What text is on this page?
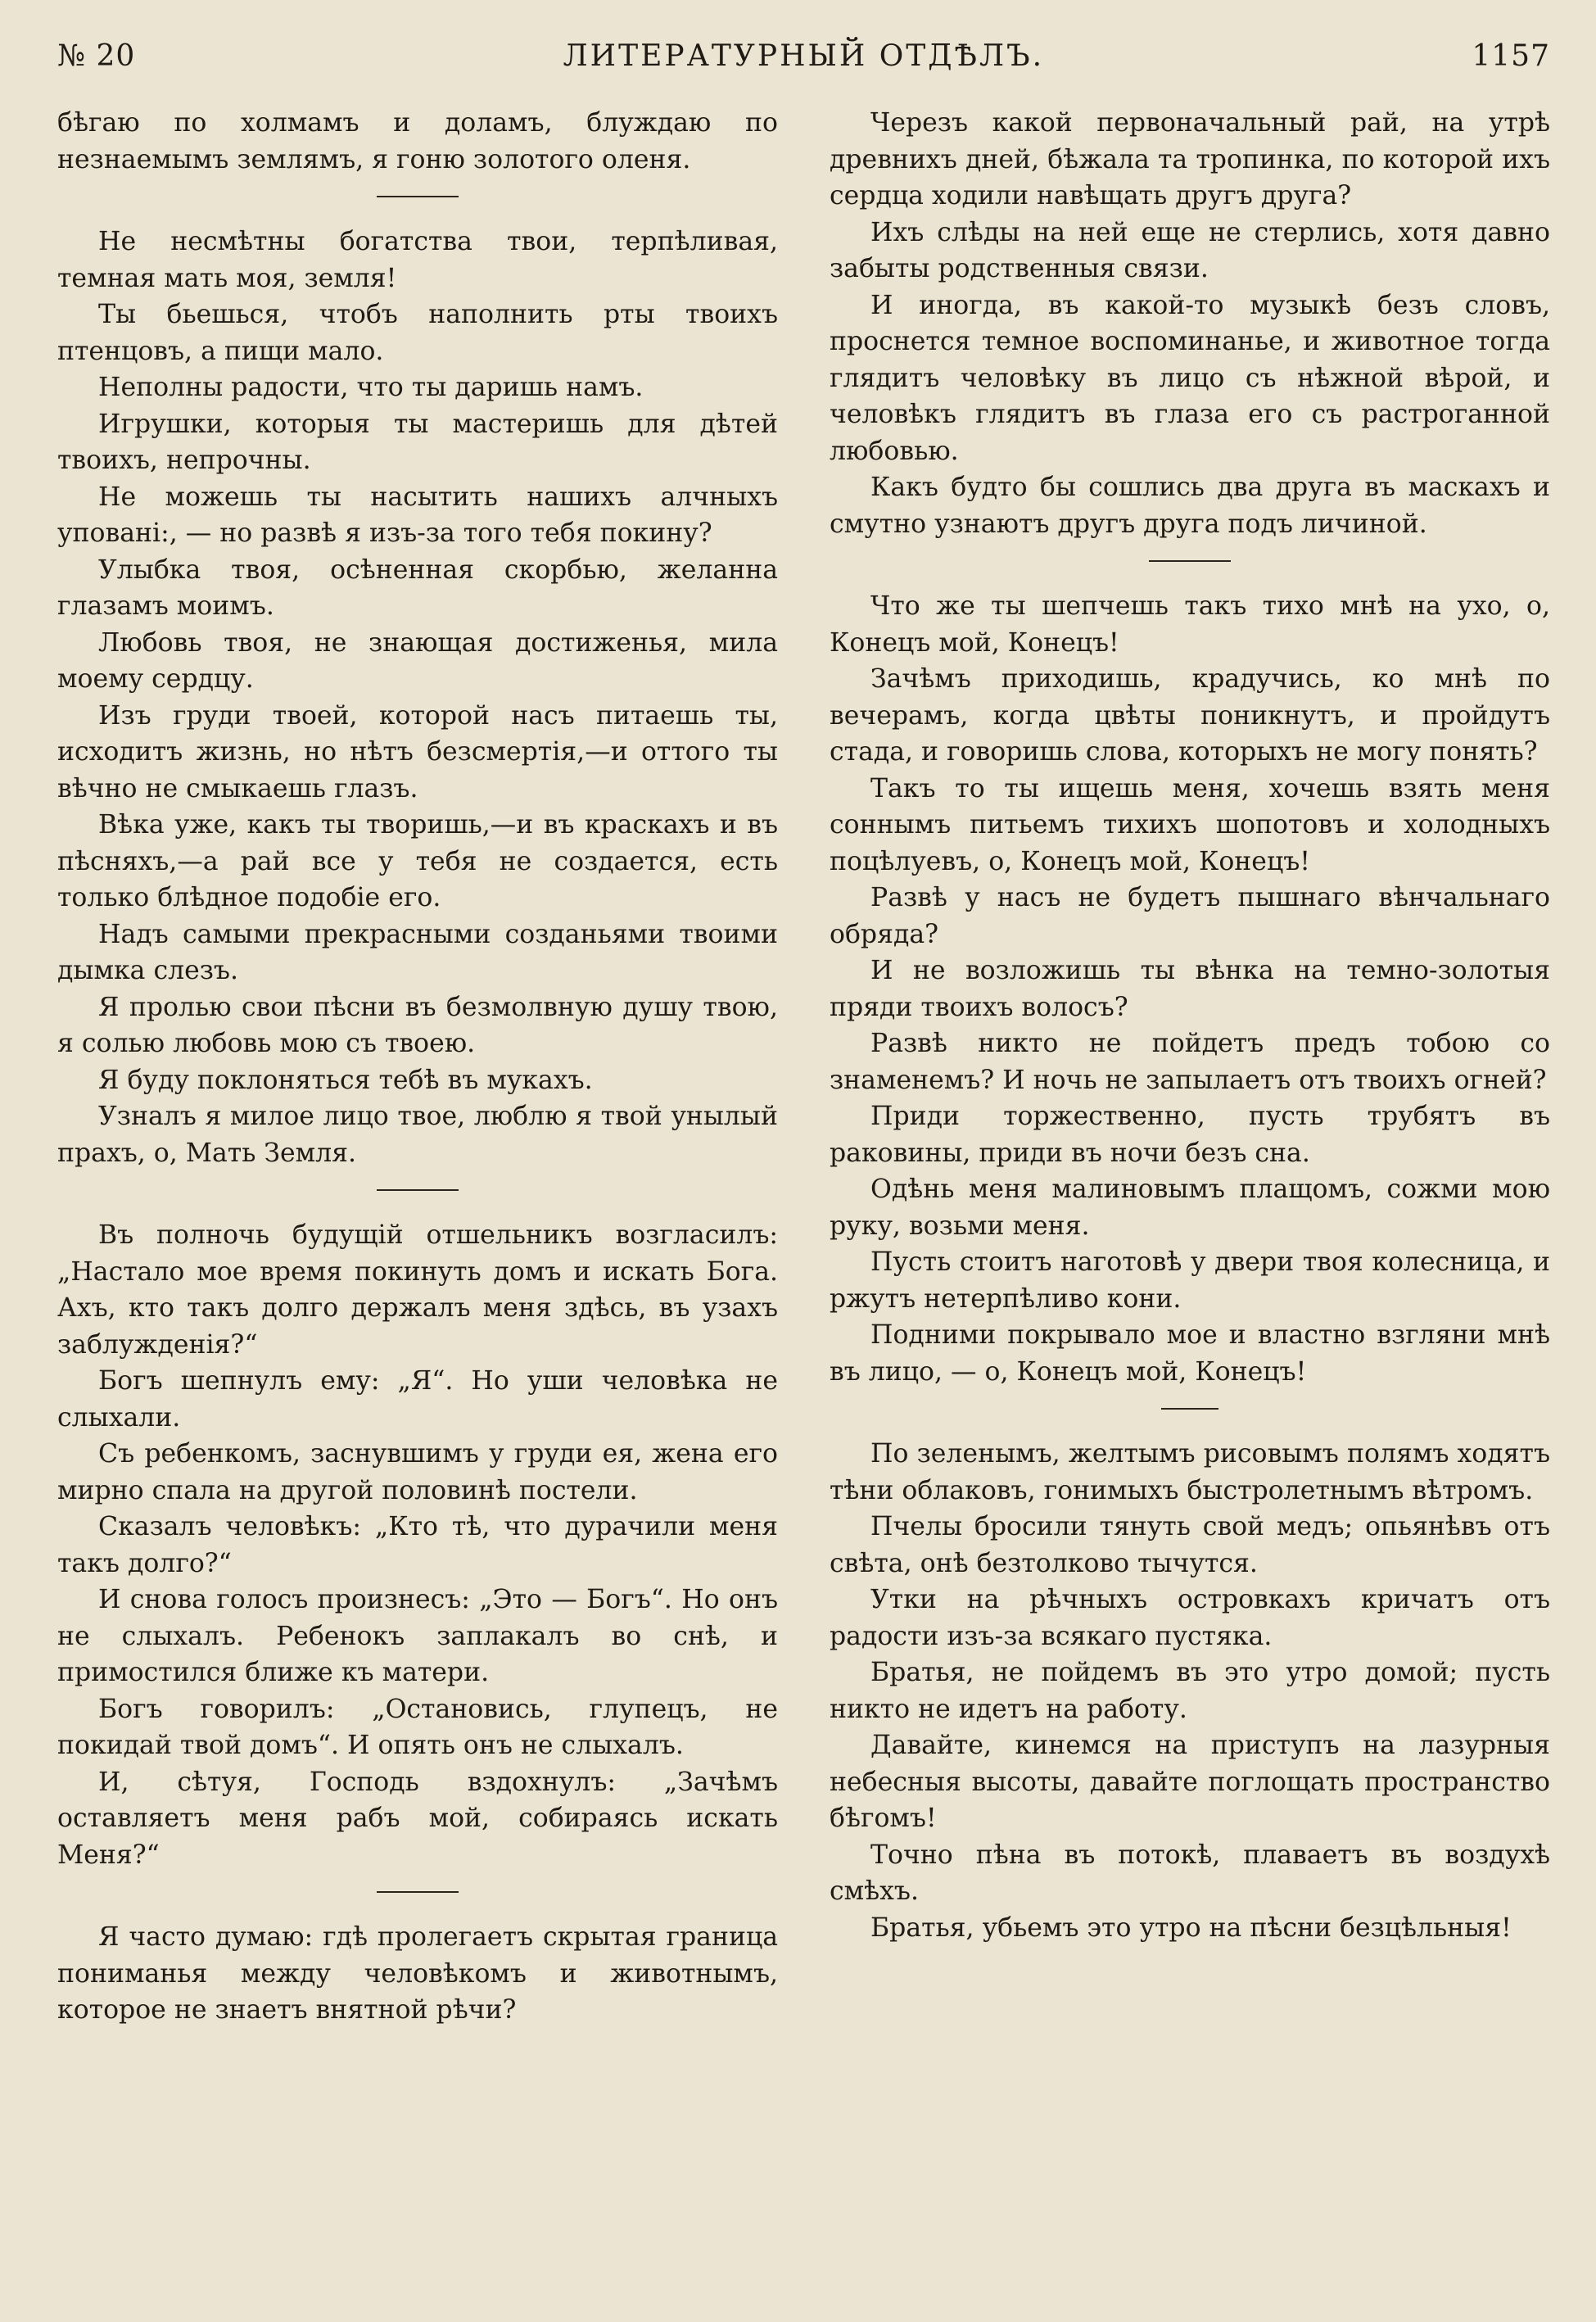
№ 20	ЛИТЕРАТУРНЫЙ ОТДѢЛЪ.	1157

бѣгаю по холмамъ и доламъ, блуждаю по незнаемымъ землямъ, я гоню золотого оленя.

Не несмѣтны богатства твои, терпѣливая, темная мать моя, земля!

Ты бьешься, чтобъ наполнить рты твоихъ птенцовъ, а пищи мало.

Неполны радости, что ты даришь намъ.

Игрушки, которыя ты мастеришь для дѣтей твоихъ, непрочны.

Не можешь ты насытить нашихъ алчныхъ упованi:, — но развѣ я изъ-за того тебя покину?

Улыбка твоя, осѣненная скорбью, желанна глазамъ моимъ.

Любовь твоя, не знающая достиженья, мила моему сердцу.

Изъ груди твоей, которой насъ питаешь ты, исходитъ жизнь, но нѣтъ безсмертія,—и оттого ты вѣчно не смыкаешь глазъ.

Вѣка уже, какъ ты творишь,—и въ краскахъ и въ пѣсняхъ,—а рай все у тебя не создается, есть только блѣдное подобіе его.

Надъ самыми прекрасными созданьями твоими дымка слезъ.

Я пролью свои пѣсни въ безмолвную душу твою, я солью любовь мою съ твоею.

Я буду поклоняться тебѣ въ мукахъ.

Узналъ я милое лицо твое, люблю я твой унылый прахъ, о, Мать Земля.

Въ полночь будущій отшельникъ возгласилъ: „Настало мое время покинуть домъ и искать Бога. Ахъ, кто такъ долго держалъ меня здѣсь, въ узахъ заблужденія?“

Богъ шепнулъ ему: „Я“. Но уши человѣка не слыхали.

Съ ребенкомъ, заснувшимъ у груди ея, жена его мирно спала на другой половинѣ постели.

Сказалъ человѣкъ: „Кто тѣ, что дурачили меня такъ долго?“

И снова голосъ произнесъ: „Это — Богъ“. Но онъ не слыхалъ. Ребенокъ заплакалъ во снѣ, и примостился ближе къ матери.

Богъ говорилъ: „Остановись, глупецъ, не покидай твой домъ“. И опять онъ не слыхалъ.

И, сѣтуя, Господь вздохнулъ: „Зачѣмъ оставляетъ меня рабъ мой, собираясь искать Меня?“

Я часто думаю: гдѣ пролегаетъ скрытая граница пониманья между человѣкомъ и животнымъ, которое не знаетъ внятной рѣчи?

Черезъ какой первоначальный рай, на утрѣ древнихъ дней, бѣжала та тропинка, по которой ихъ сердца ходили навѣщать другъ друга?

Ихъ слѣды на ней еще не стерлись, хотя давно забыты родственныя связи.

И иногда, въ какой-то музыкѣ безъ словъ, проснется темное воспоминанье, и животное тогда глядитъ человѣку въ лицо съ нѣжной вѣрой, и человѣкъ глядитъ въ глаза его съ растроганной любовью.

Какъ будто бы сошлись два друга въ маскахъ и смутно узнаютъ другъ друга подъ личиной.

Что же ты шепчешь такъ тихо мнѣ на ухо, о, Конецъ мой, Конецъ!

Зачѣмъ приходишь, крадучись, ко мнѣ по вечерамъ, когда цвѣты поникнутъ, и пройдутъ стада, и говоришь слова, которыхъ не могу понять?

Такъ то ты ищешь меня, хочешь взять меня соннымъ питьемъ тихихъ шопотовъ и холодныхъ поцѣлуевъ, о, Конецъ мой, Конецъ!

Развѣ у насъ не будетъ пышнаго вѣнчальнаго обряда?

И не возложишь ты вѣнка на темно-золотыя пряди твоихъ волосъ?

Развѣ никто не пойдетъ предъ тобою со знаменемъ? И ночь не запылаетъ отъ твоихъ огней?

Приди торжественно, пусть трубятъ въ раковины, приди въ ночи безъ сна.

Одѣнь меня малиновымъ плащомъ, сожми мою руку, возьми меня.

Пусть стоитъ наготовѣ у двери твоя колесница, и ржутъ нетерпѣливо кони.

Подними покрывало мое и властно взгляни мнѣ въ лицо, — о, Конецъ мой, Конецъ!

По зеленымъ, желтымъ рисовымъ полямъ ходятъ тѣни облаковъ, гонимыхъ быстролетнымъ вѣтромъ.

Пчелы бросили тянуть свой медъ; опьянѣвъ отъ свѣта, онѣ безтолково тычутся.

Утки на рѣчныхъ островкахъ кричатъ отъ радости изъ-за всякаго пустяка.

Братья, не пойдемъ въ это утро домой; пусть никто не идетъ на работу.

Давайте, кинемся на приступъ на лазурныя небесныя высоты, давайте поглощать пространство бѣгомъ!

Точно пѣна въ потокѣ, плаваетъ въ воздухѣ смѣхъ.

Братья, убьемъ это утро на пѣсни безцѣльныя!
